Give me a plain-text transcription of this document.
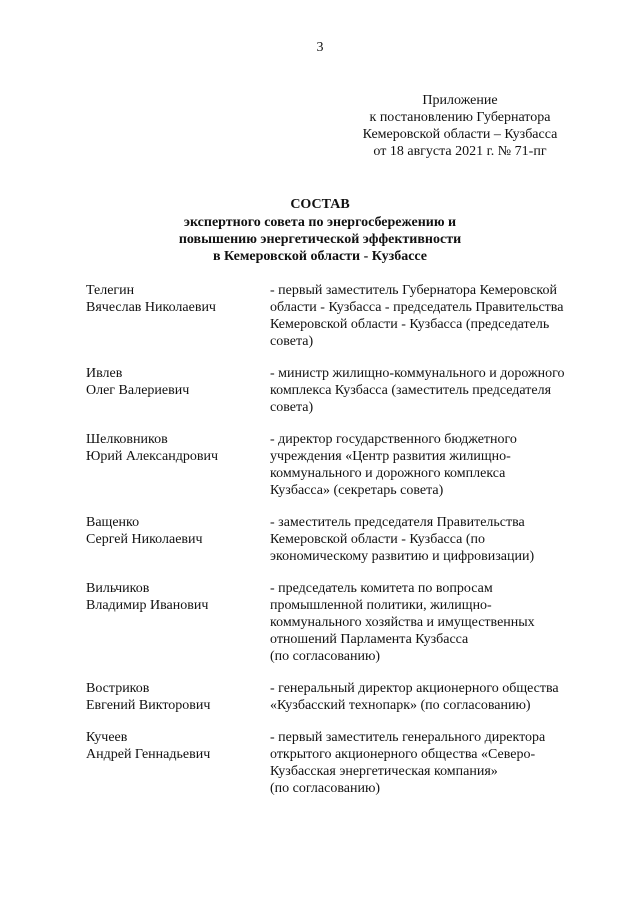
3
Приложение
к постановлению Губернатора
Кемеровской области – Кузбасса
от 18 августа 2021 г. № 71-пг
СОСТАВ
экспертного совета по энергосбережению и
повышению энергетической эффективности
в Кемеровской области - Кузбассе
Телегин
Вячеслав Николаевич
- первый заместитель Губернатора Кемеровской
области - Кузбасса - председатель Правительства
Кемеровской области - Кузбасса (председатель
совета)
Ивлев
Олег Валериевич
- министр жилищно-коммунального и дорожного
комплекса Кузбасса (заместитель председателя
совета)
Шелковников
Юрий Александрович
- директор государственного бюджетного
учреждения «Центр развития жилищно-
коммунального и дорожного комплекса
Кузбасса» (секретарь совета)
Ващенко
Сергей Николаевич
- заместитель председателя Правительства
Кемеровской области - Кузбасса (по
экономическому развитию и цифровизации)
Вильчиков
Владимир Иванович
- председатель комитета по вопросам
промышленной политики, жилищно-
коммунального хозяйства и имущественных
отношений Парламента Кузбасса
(по согласованию)
Востриков
Евгений Викторович
- генеральный директор акционерного общества
«Кузбасский технопарк» (по согласованию)
Кучеев
Андрей Геннадьевич
- первый заместитель генерального директора
открытого акционерного общества «Северо-
Кузбасская энергетическая компания»
(по согласованию)
